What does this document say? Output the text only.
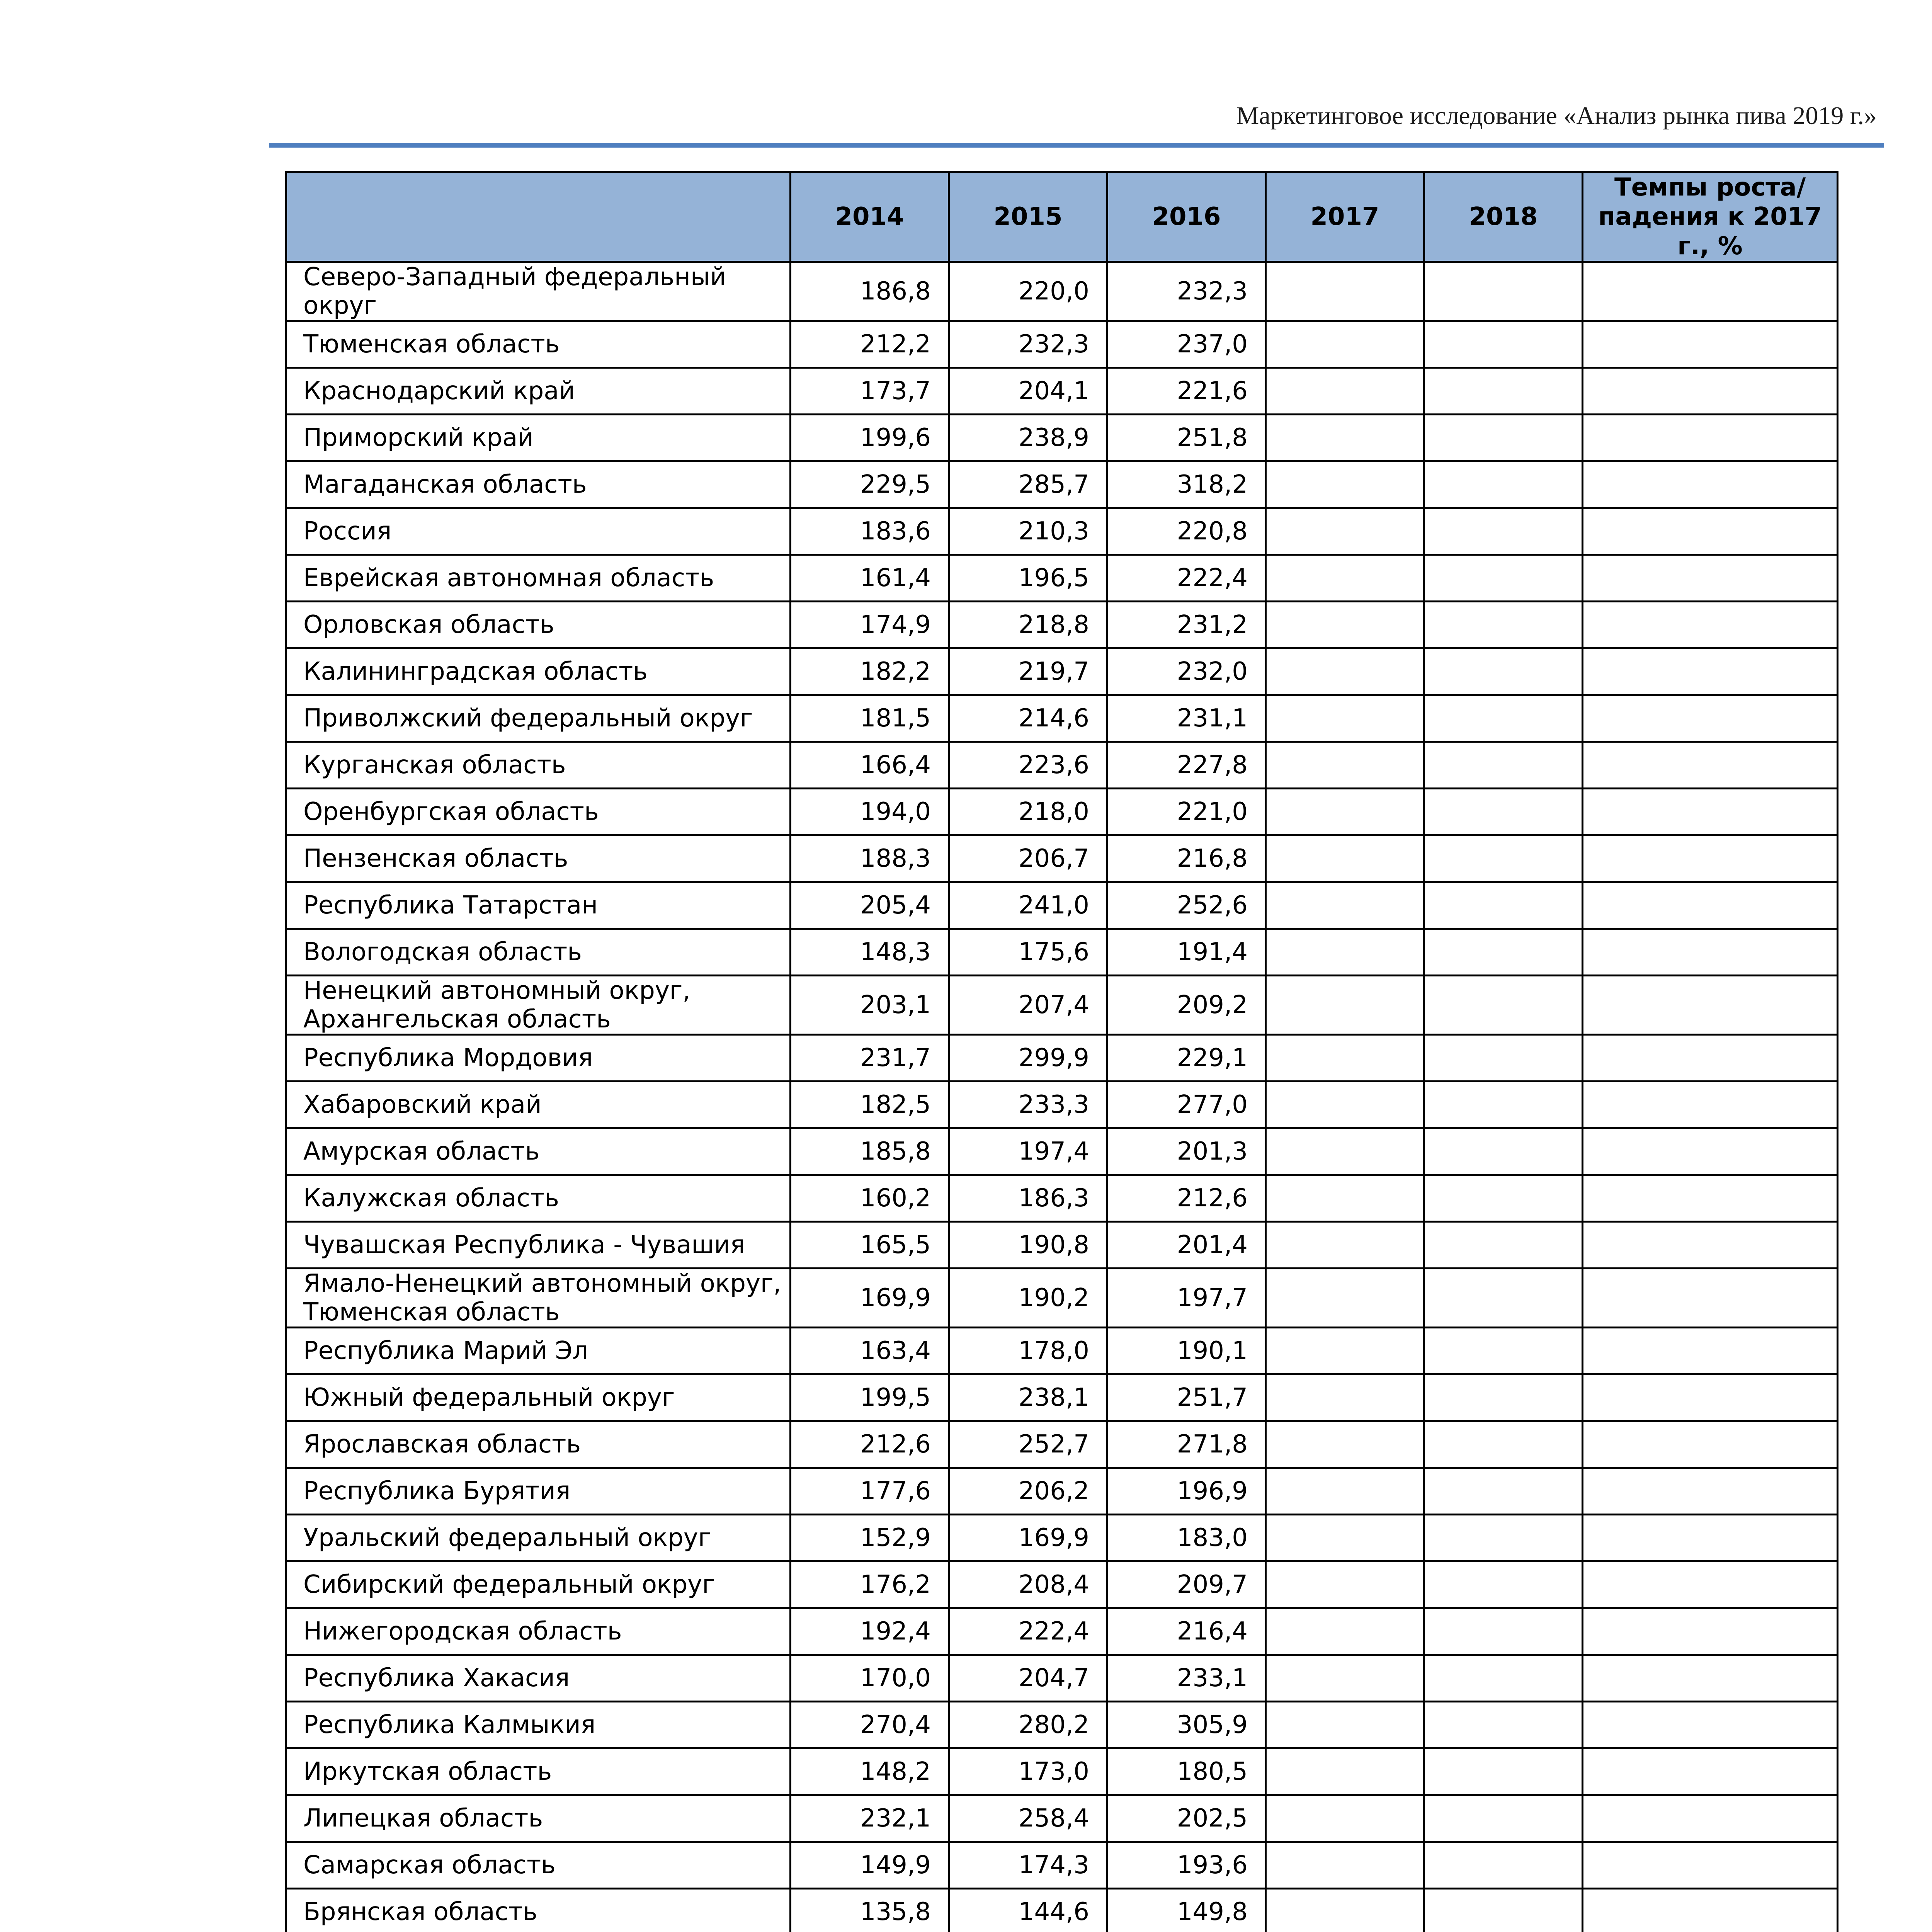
Маркетинговое исследование «Анализ рынка пива 2019 г.»
	2014	2015	2016	2017	2018	Темпы роста/падения к 2017 г., %
Северо-Западный федеральный округ	186,8	220,0	232,3			
Тюменская область	212,2	232,3	237,0			
Краснодарский край	173,7	204,1	221,6			
Приморский край	199,6	238,9	251,8			
Магаданская область	229,5	285,7	318,2			
Россия	183,6	210,3	220,8			
Еврейская автономная область	161,4	196,5	222,4			
Орловская область	174,9	218,8	231,2			
Калининградская область	182,2	219,7	232,0			
Приволжский федеральный округ	181,5	214,6	231,1			
Курганская область	166,4	223,6	227,8			
Оренбургская область	194,0	218,0	221,0			
Пензенская область	188,3	206,7	216,8			
Республика Татарстан	205,4	241,0	252,6			
Вологодская область	148,3	175,6	191,4			
Ненецкий автономный округ, Архангельская область	203,1	207,4	209,2			
Республика Мордовия	231,7	299,9	229,1			
Хабаровский край	182,5	233,3	277,0			
Амурская область	185,8	197,4	201,3			
Калужская область	160,2	186,3	212,6			
Чувашская Республика - Чувашия	165,5	190,8	201,4			
Ямало-Ненецкий автономный округ, Тюменская область	169,9	190,2	197,7			
Республика Марий Эл	163,4	178,0	190,1			
Южный федеральный округ	199,5	238,1	251,7			
Ярославская область	212,6	252,7	271,8			
Республика Бурятия	177,6	206,2	196,9			
Уральский федеральный округ	152,9	169,9	183,0			
Сибирский федеральный округ	176,2	208,4	209,7			
Нижегородская область	192,4	222,4	216,4			
Республика Хакасия	170,0	204,7	233,1			
Республика Калмыкия	270,4	280,2	305,9			
Иркутская область	148,2	173,0	180,5			
Липецкая область	232,1	258,4	202,5			
Самарская область	149,9	174,3	193,6			
Брянская область	135,8	144,6	149,8			
